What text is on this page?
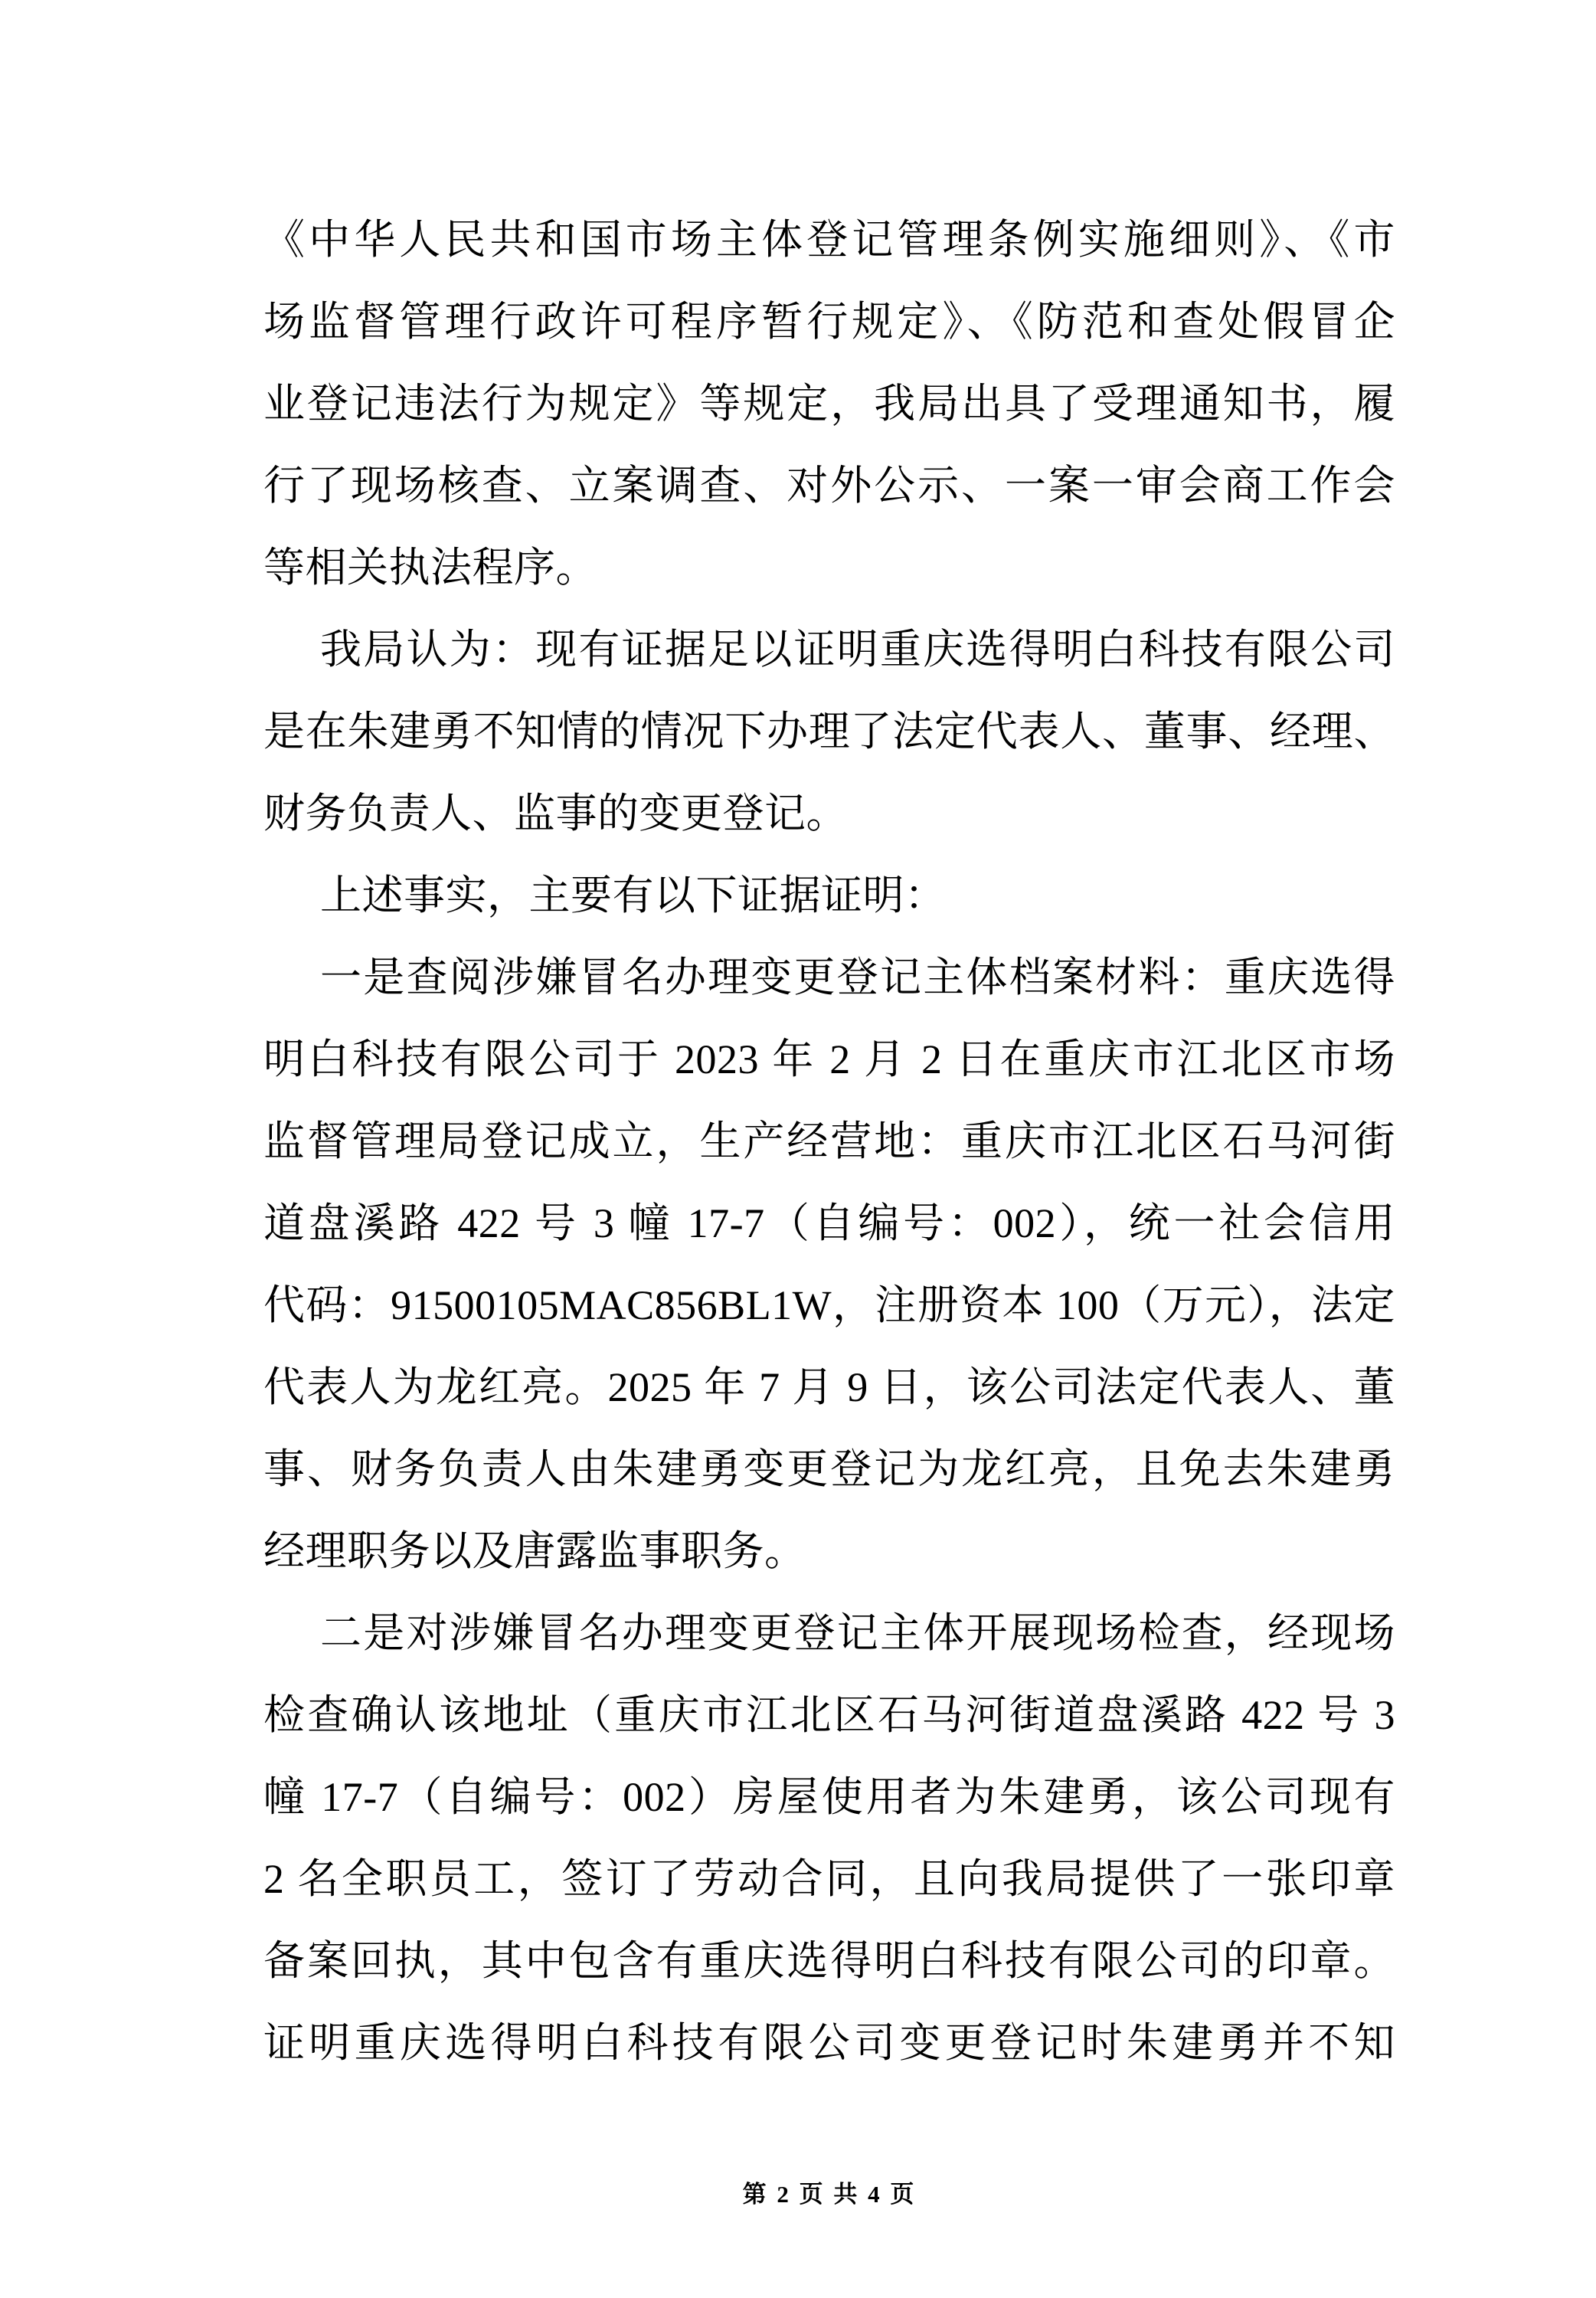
《中华人民共和国市场主体登记管理条例实施细则》、《市
场监督管理行政许可程序暂行规定》、《防范和查处假冒企
业登记违法行为规定》等规定，我局出具了受理通知书，履
行了现场核查、立案调查、对外公示、一案一审会商工作会
等相关执法程序。
我局认为：现有证据足以证明重庆选得明白科技有限公司
是在朱建勇不知情的情况下办理了法定代表人、董事、经理、
财务负责人、监事的变更登记。
上述事实，主要有以下证据证明：
一是查阅涉嫌冒名办理变更登记主体档案材料：重庆选得
明白科技有限公司于 2023 年 2 月 2 日在重庆市江北区市场
监督管理局登记成立，生产经营地：重庆市江北区石马河街
道盘溪路 422 号 3 幢 17-7（自编号：002），统一社会信用
代码：91500105MAC856BL1W，注册资本 100（万元），法定
代表人为龙红亮。2025 年 7 月 9 日，该公司法定代表人、董
事、财务负责人由朱建勇变更登记为龙红亮，且免去朱建勇
经理职务以及唐露监事职务。
二是对涉嫌冒名办理变更登记主体开展现场检查，经现场
检查确认该地址（重庆市江北区石马河街道盘溪路 422 号 3
幢 17-7（自编号：002）房屋使用者为朱建勇，该公司现有
2 名全职员工，签订了劳动合同，且向我局提供了一张印章
备案回执，其中包含有重庆选得明白科技有限公司的印章。
证明重庆选得明白科技有限公司变更登记时朱建勇并不知
第 2 页 共 4 页
